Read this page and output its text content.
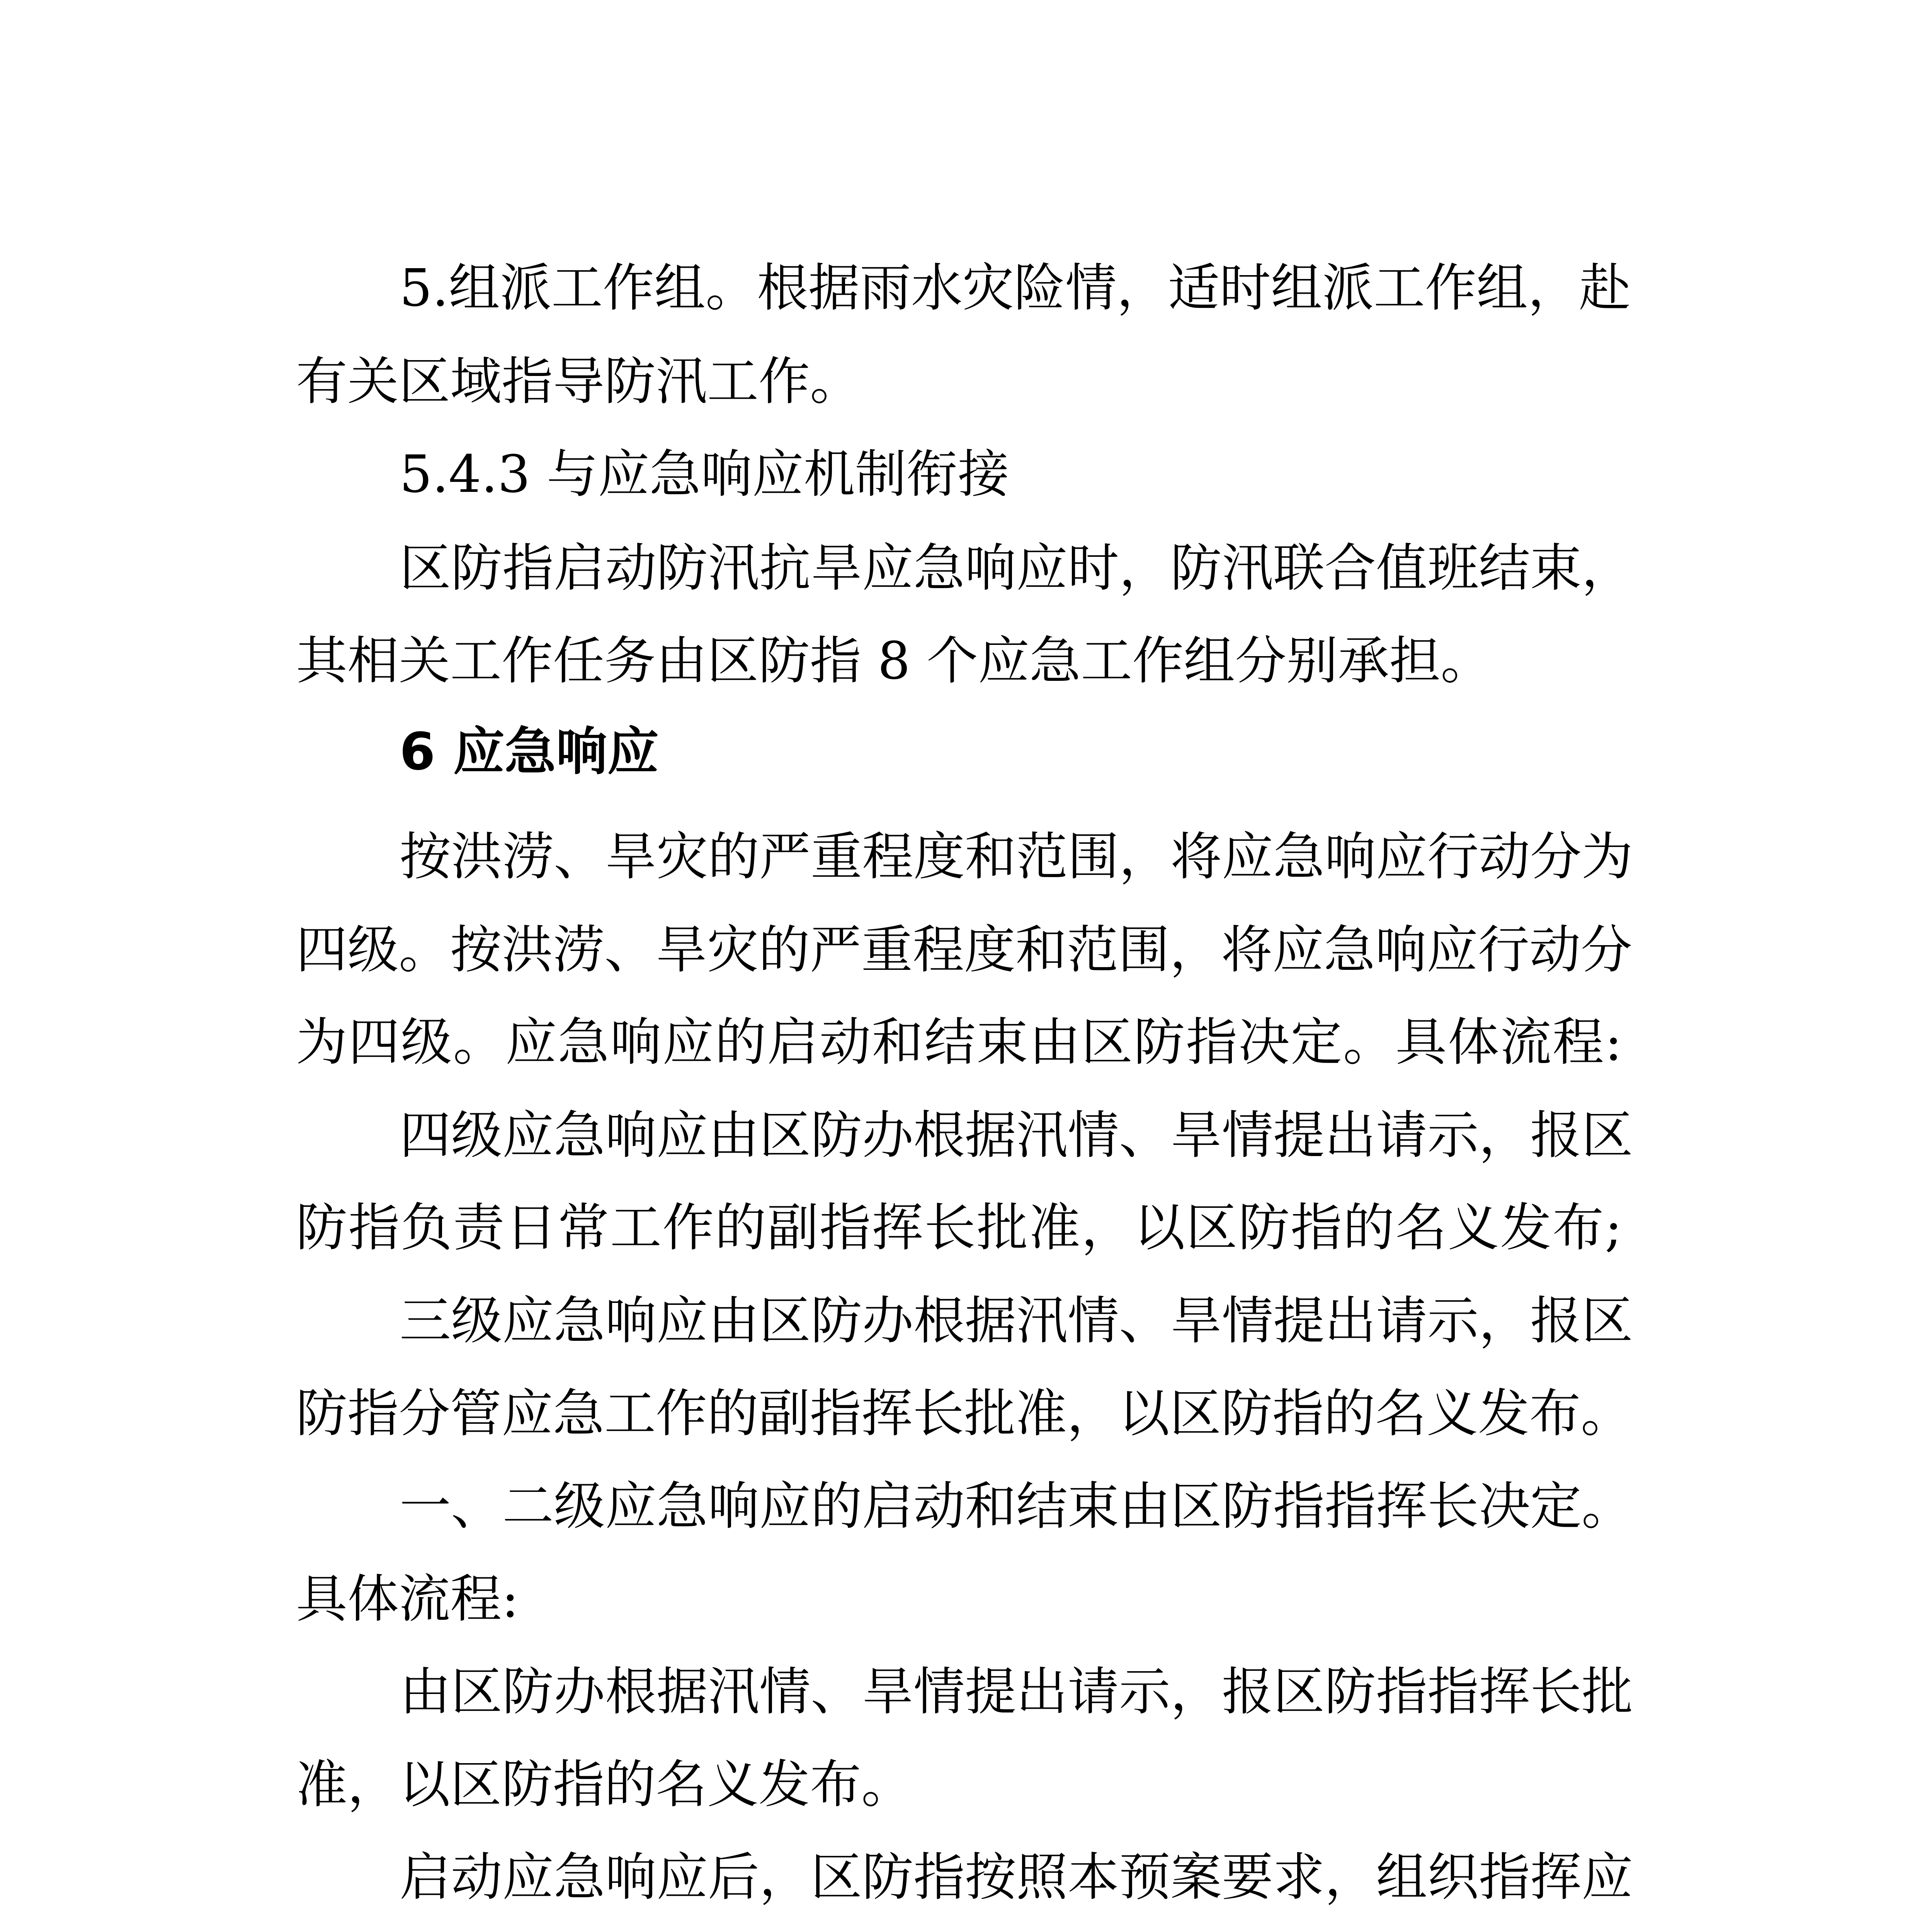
5.组派工作组。根据雨水灾险情，适时组派工作组，赴

有关区域指导防汛工作。

5.4.3 与应急响应机制衔接

区防指启动防汛抗旱应急响应时，防汛联合值班结束，

其相关工作任务由区防指 8 个应急工作组分别承担。

6 应急响应

按洪涝、旱灾的严重程度和范围，将应急响应行动分为

四级。按洪涝、旱灾的严重程度和范围，将应急响应行动分

为四级。应急响应的启动和结束由区防指决定。具体流程:

四级应急响应由区防办根据汛情、旱情提出请示，报区

防指负责日常工作的副指挥长批准，以区防指的名义发布;

三级应急响应由区防办根据汛情、旱情提出请示，报区

防指分管应急工作的副指挥长批准，以区防指的名义发布。

一、二级应急响应的启动和结束由区防指指挥长决定。

具体流程:

由区防办根据汛情、旱情提出请示，报区防指指挥长批

准，以区防指的名义发布。

启动应急响应后，区防指按照本预案要求，组织指挥应
